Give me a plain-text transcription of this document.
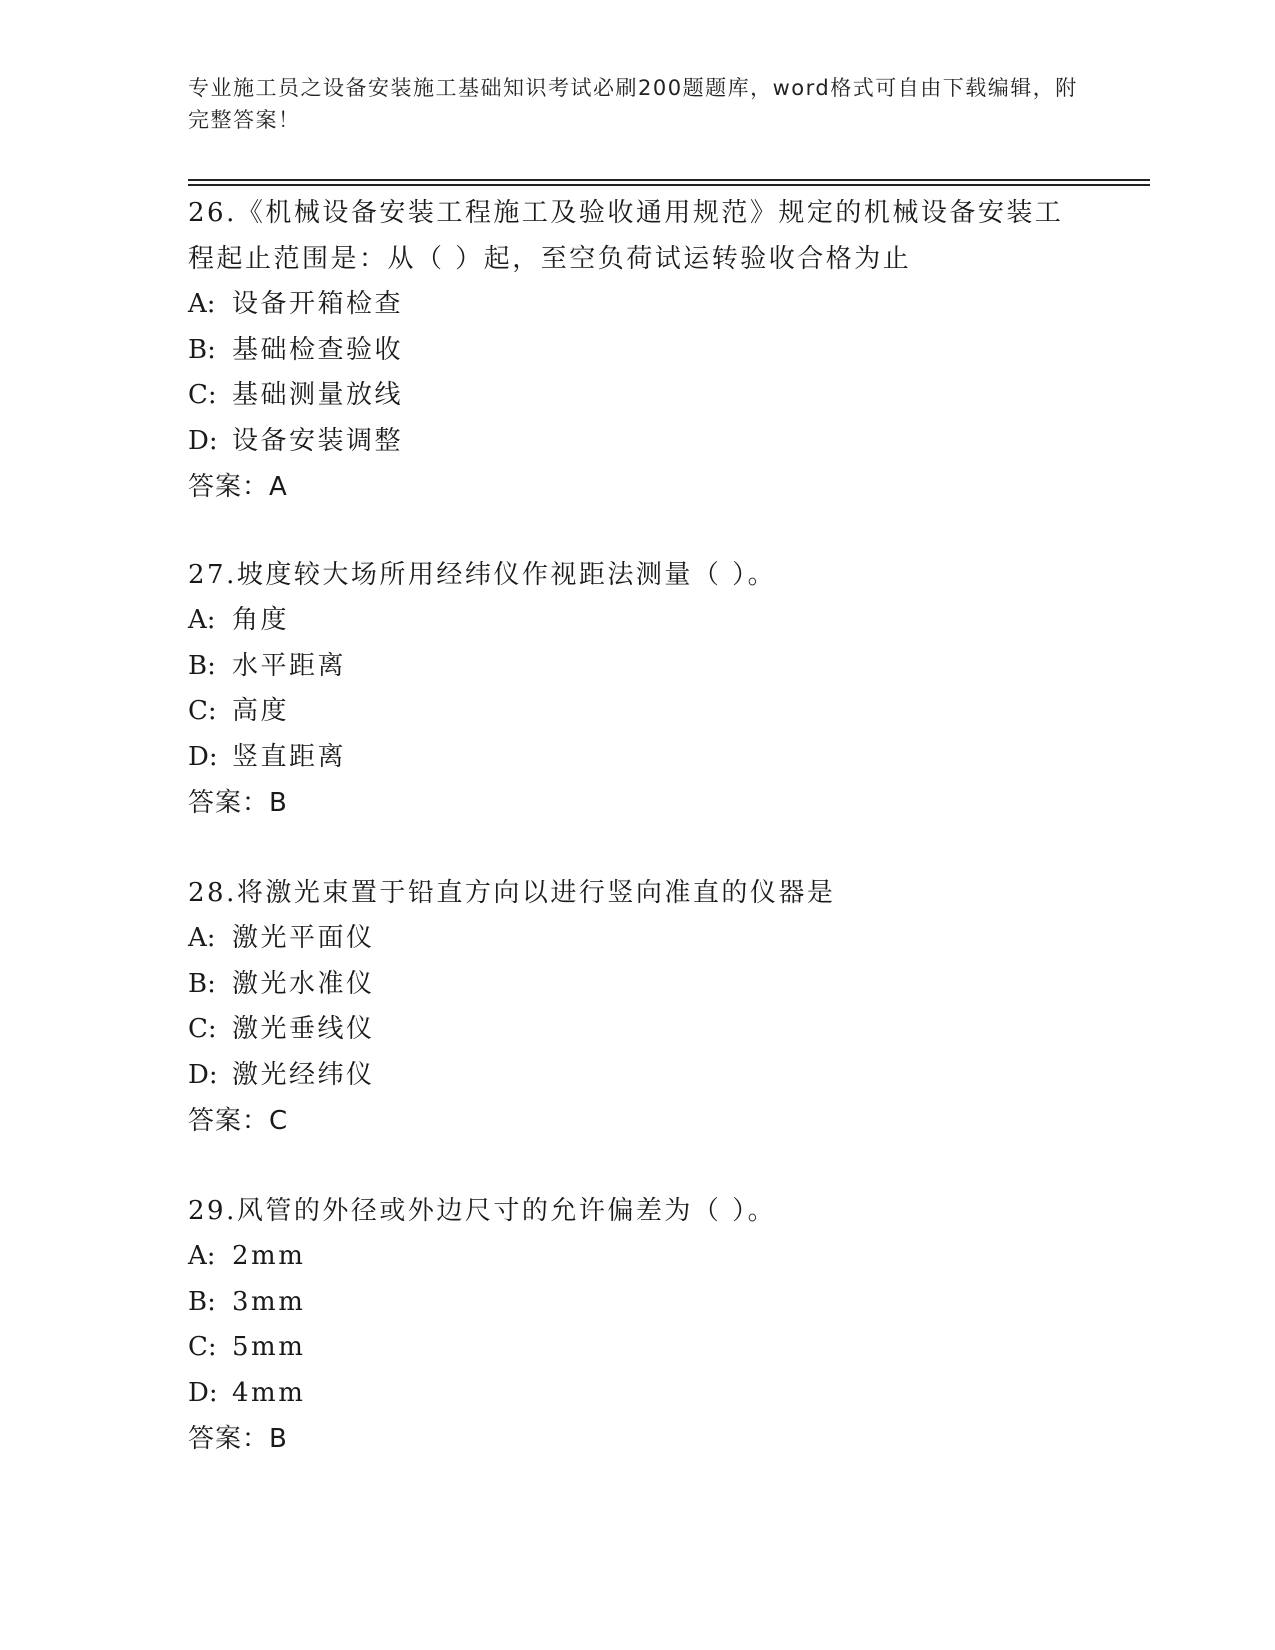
专业施工员之设备安装施工基础知识考试必刷200题题库，word格式可自由下载编辑，附完整答案！

26.《机械设备安装工程施工及验收通用规范》规定的机械设备安装工程起止范围是：从（ ）起，至空负荷试运转验收合格为止

A: 设备开箱检查

B: 基础检查验收

C: 基础测量放线

D: 设备安装调整

答案：A

27.坡度较大场所用经纬仪作视距法测量（ ）。

A: 角度

B: 水平距离

C: 高度

D: 竖直距离

答案：B

28.将激光束置于铅直方向以进行竖向准直的仪器是

A: 激光平面仪

B: 激光水准仪

C: 激光垂线仪

D: 激光经纬仪

答案：C

29.风管的外径或外边尺寸的允许偏差为（ ）。

A: 2mm

B: 3mm

C: 5mm

D: 4mm

答案：B
